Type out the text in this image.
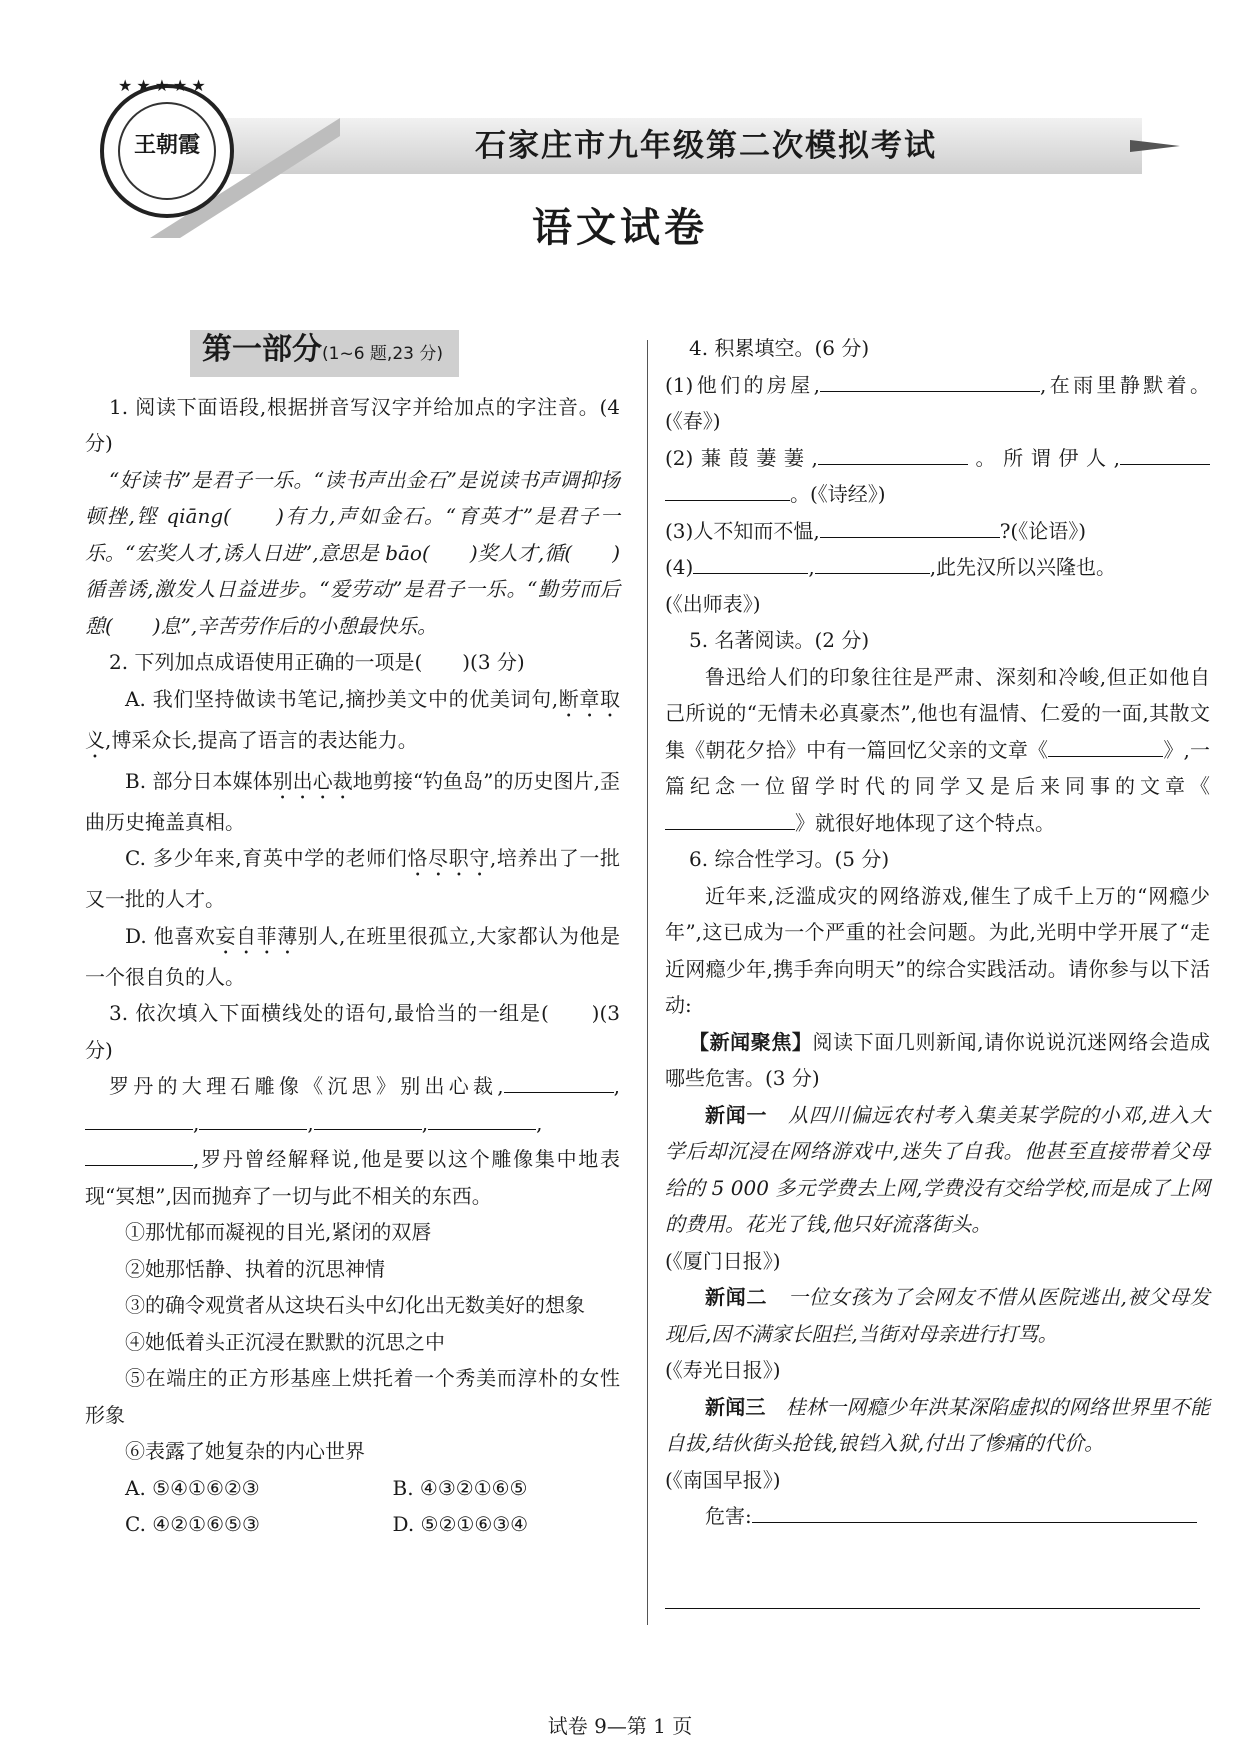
★★★★★
王朝霞	石家庄市九年级第二次模拟考试
语文试卷
第一部分(1~6 题,23 分)

1. 阅读下面语段,根据拼音写汉字并给加点的字注音。(4 分)

“好读书”是君子一乐。“读书声出金石”是说读书声调抑扬顿挫,铿 qiāng(　　)有力,声如金石。“育英才”是君子一乐。“宏奖人才,诱人日进”,意思是 bāo(　　)奖人才,循(　　)循善诱,激发人日益进步。“爱劳动”是君子一乐。“勤劳而后憩(　　)息”,辛苦劳作后的小憩最快乐。

2. 下列加点成语使用正确的一项是(　　)(3 分)

A. 我们坚持做读书笔记,摘抄美文中的优美词句,断章取义,博采众长,提高了语言的表达能力。

B. 部分日本媒体别出心裁地剪接“钓鱼岛”的历史图片,歪曲历史掩盖真相。

C. 多少年来,育英中学的老师们恪尽职守,培养出了一批又一批的人才。

D. 他喜欢妄自菲薄别人,在班里很孤立,大家都认为他是一个很自负的人。

3. 依次填入下面横线处的语句,最恰当的一组是(　　)(3 分)

罗丹的大理石雕像《沉思》别出心裁,	,,	,	,	,,罗丹曾经解释说,他是要以这个雕像集中地表现“冥想”,因而抛弃了一切与此不相关的东西。

①那忧郁而凝视的目光,紧闭的双唇

②她那恬静、执着的沉思神情

③的确令观赏者从这块石头中幻化出无数美好的想象

④她低着头正沉浸在默默的沉思之中

⑤在端庄的正方形基座上烘托着一个秀美而淳朴的女性形象

⑥表露了她复杂的内心世界

A. ⑤④①⑥②③	B. ④③②①⑥⑤
C. ④②①⑥⑤③	D. ⑤②①⑥③④

4. 积累填空。(6 分)

(1)他们的房屋,	,在雨里静默着。(《春》)

(2)蒹葭萋萋,	。所谓伊人,。(《诗经》)

(3)人不知而不愠,	?(《论语》)

(4)	,	,此先汉所以兴隆也。

(《出师表》)

5. 名著阅读。(2 分)

鲁迅给人们的印象往往是严肃、深刻和冷峻,但正如他自己所说的“无情未必真豪杰”,他也有温情、仁爱的一面,其散文集《朝花夕拾》中有一篇回忆父亲的文章《	》,一篇纪念一位留学时代的同学又是后来同事的文章《》就很好地体现了这个特点。

6. 综合性学习。(5 分)

近年来,泛滥成灾的网络游戏,催生了成千上万的“网瘾少年”,这已成为一个严重的社会问题。为此,光明中学开展了“走近网瘾少年,携手奔向明天”的综合实践活动。请你参与以下活动:

【新闻聚焦】阅读下面几则新闻,请你说说沉迷网络会造成哪些危害。(3 分)

新闻一　 从四川偏远农村考入集美某学院的小邓,进入大学后却沉浸在网络游戏中,迷失了自我。他甚至直接带着父母给的 5 000 多元学费去上网,学费没有交给学校,而是成了上网的费用。花光了钱,他只好流落街头。

(《厦门日报》)

新闻二　 一位女孩为了会网友不惜从医院逃出,被父母发现后,因不满家长阻拦,当街对母亲进行打骂。

(《寿光日报》)

新闻三　 桂林一网瘾少年洪某深陷虚拟的网络世界里不能自拔,结伙街头抢钱,锒铛入狱,付出了惨痛的代价。

(《南国早报》)

危害:

试卷 9—第 1 页
